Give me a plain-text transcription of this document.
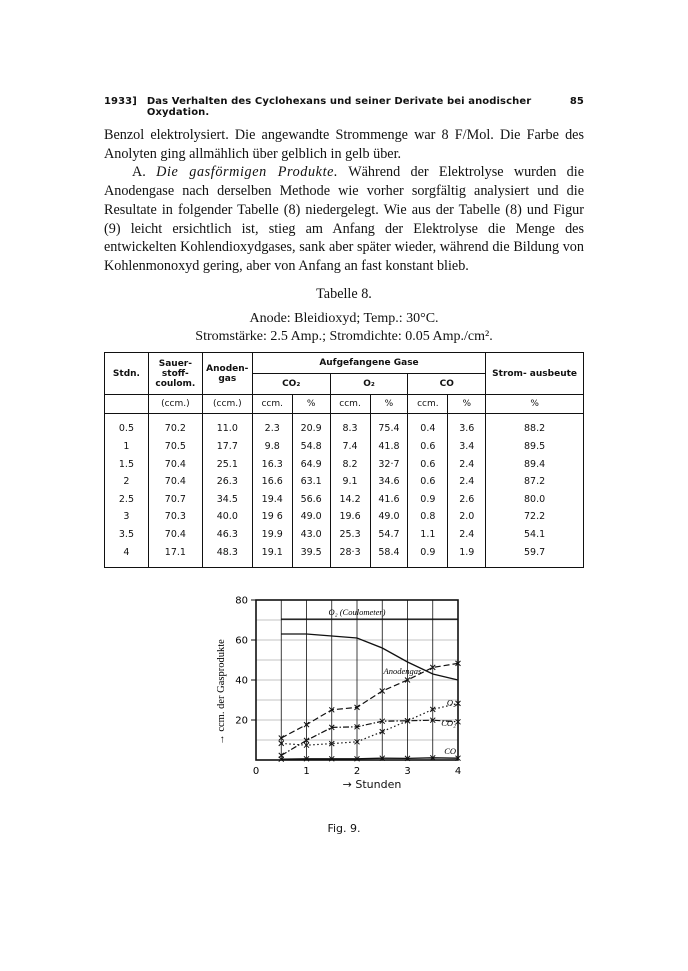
1933]	Das Verhalten des Cyclohexans und seiner Derivate bei anodischer Oxydation.
85

Benzol elektrolysiert. Die angewandte Strommenge war 8 F/Mol. Die Farbe des Anolyten ging allmählich über gelblich in gelb über.

A. Die gasförmigen Produkte. Während der Elektrolyse wurden die Anodengase nach derselben Methode wie vorher sorgfältig analysiert und die Resultate in folgender Tabelle (8) niedergelegt. Wie aus der Tabelle (8) und Figur (9) leicht ersichtlich ist, stieg am Anfang der Elektrolyse die Menge des entwickelten Kohlendioxydgases, sank aber später wieder, während die Bildung von Kohlenmonoxyd gering, aber von Anfang an fast konstant blieb.

Tabelle 8.
Anode: Bleidioxyd; Temp.: 30°C.
Stromstärke: 2.5 Amp.; Stromdichte: 0.05 Amp./cm².
Stdn.	Sauer- stoff- coulom.	Anoden- gas	Aufgefangene Gase						Strom- ausbeute
			CO₂		O₂		CO		
	(ccm.)	(ccm.)	ccm.	%	ccm.	%	ccm.	%	%
0.5	70.2	11.0	2.3	20.9	8.3	75.4	0.4	3.6	88.2
1	70.5	17.7	9.8	54.8	7.4	41.8	0.6	3.4	89.5
1.5	70.4	25.1	16.3	64.9	8.2	32·7	0.6	2.4	89.4
2	70.4	26.3	16.6	63.1	9.1	34.6	0.6	2.4	87.2
2.5	70.7	34.5	19.4	56.6	14.2	41.6	0.9	2.6	80.0
3	70.3	40.0	19 6	49.0	19.6	49.0	0.8	2.0	72.2
3.5	70.4	46.3	19.9	43.0	25.3	54.7	1.1	2.4	54.1
4	17.1	48.3	19.1	39.5	28·3	58.4	0.9	1.9	59.7
20
40
60
80
0	1	2	3	4
→ ccm. der Gasprodukte
O₂ (Coulometer)
Anodengas
O₂
CO₂
CO
→ Stunden
Fig. 9.
